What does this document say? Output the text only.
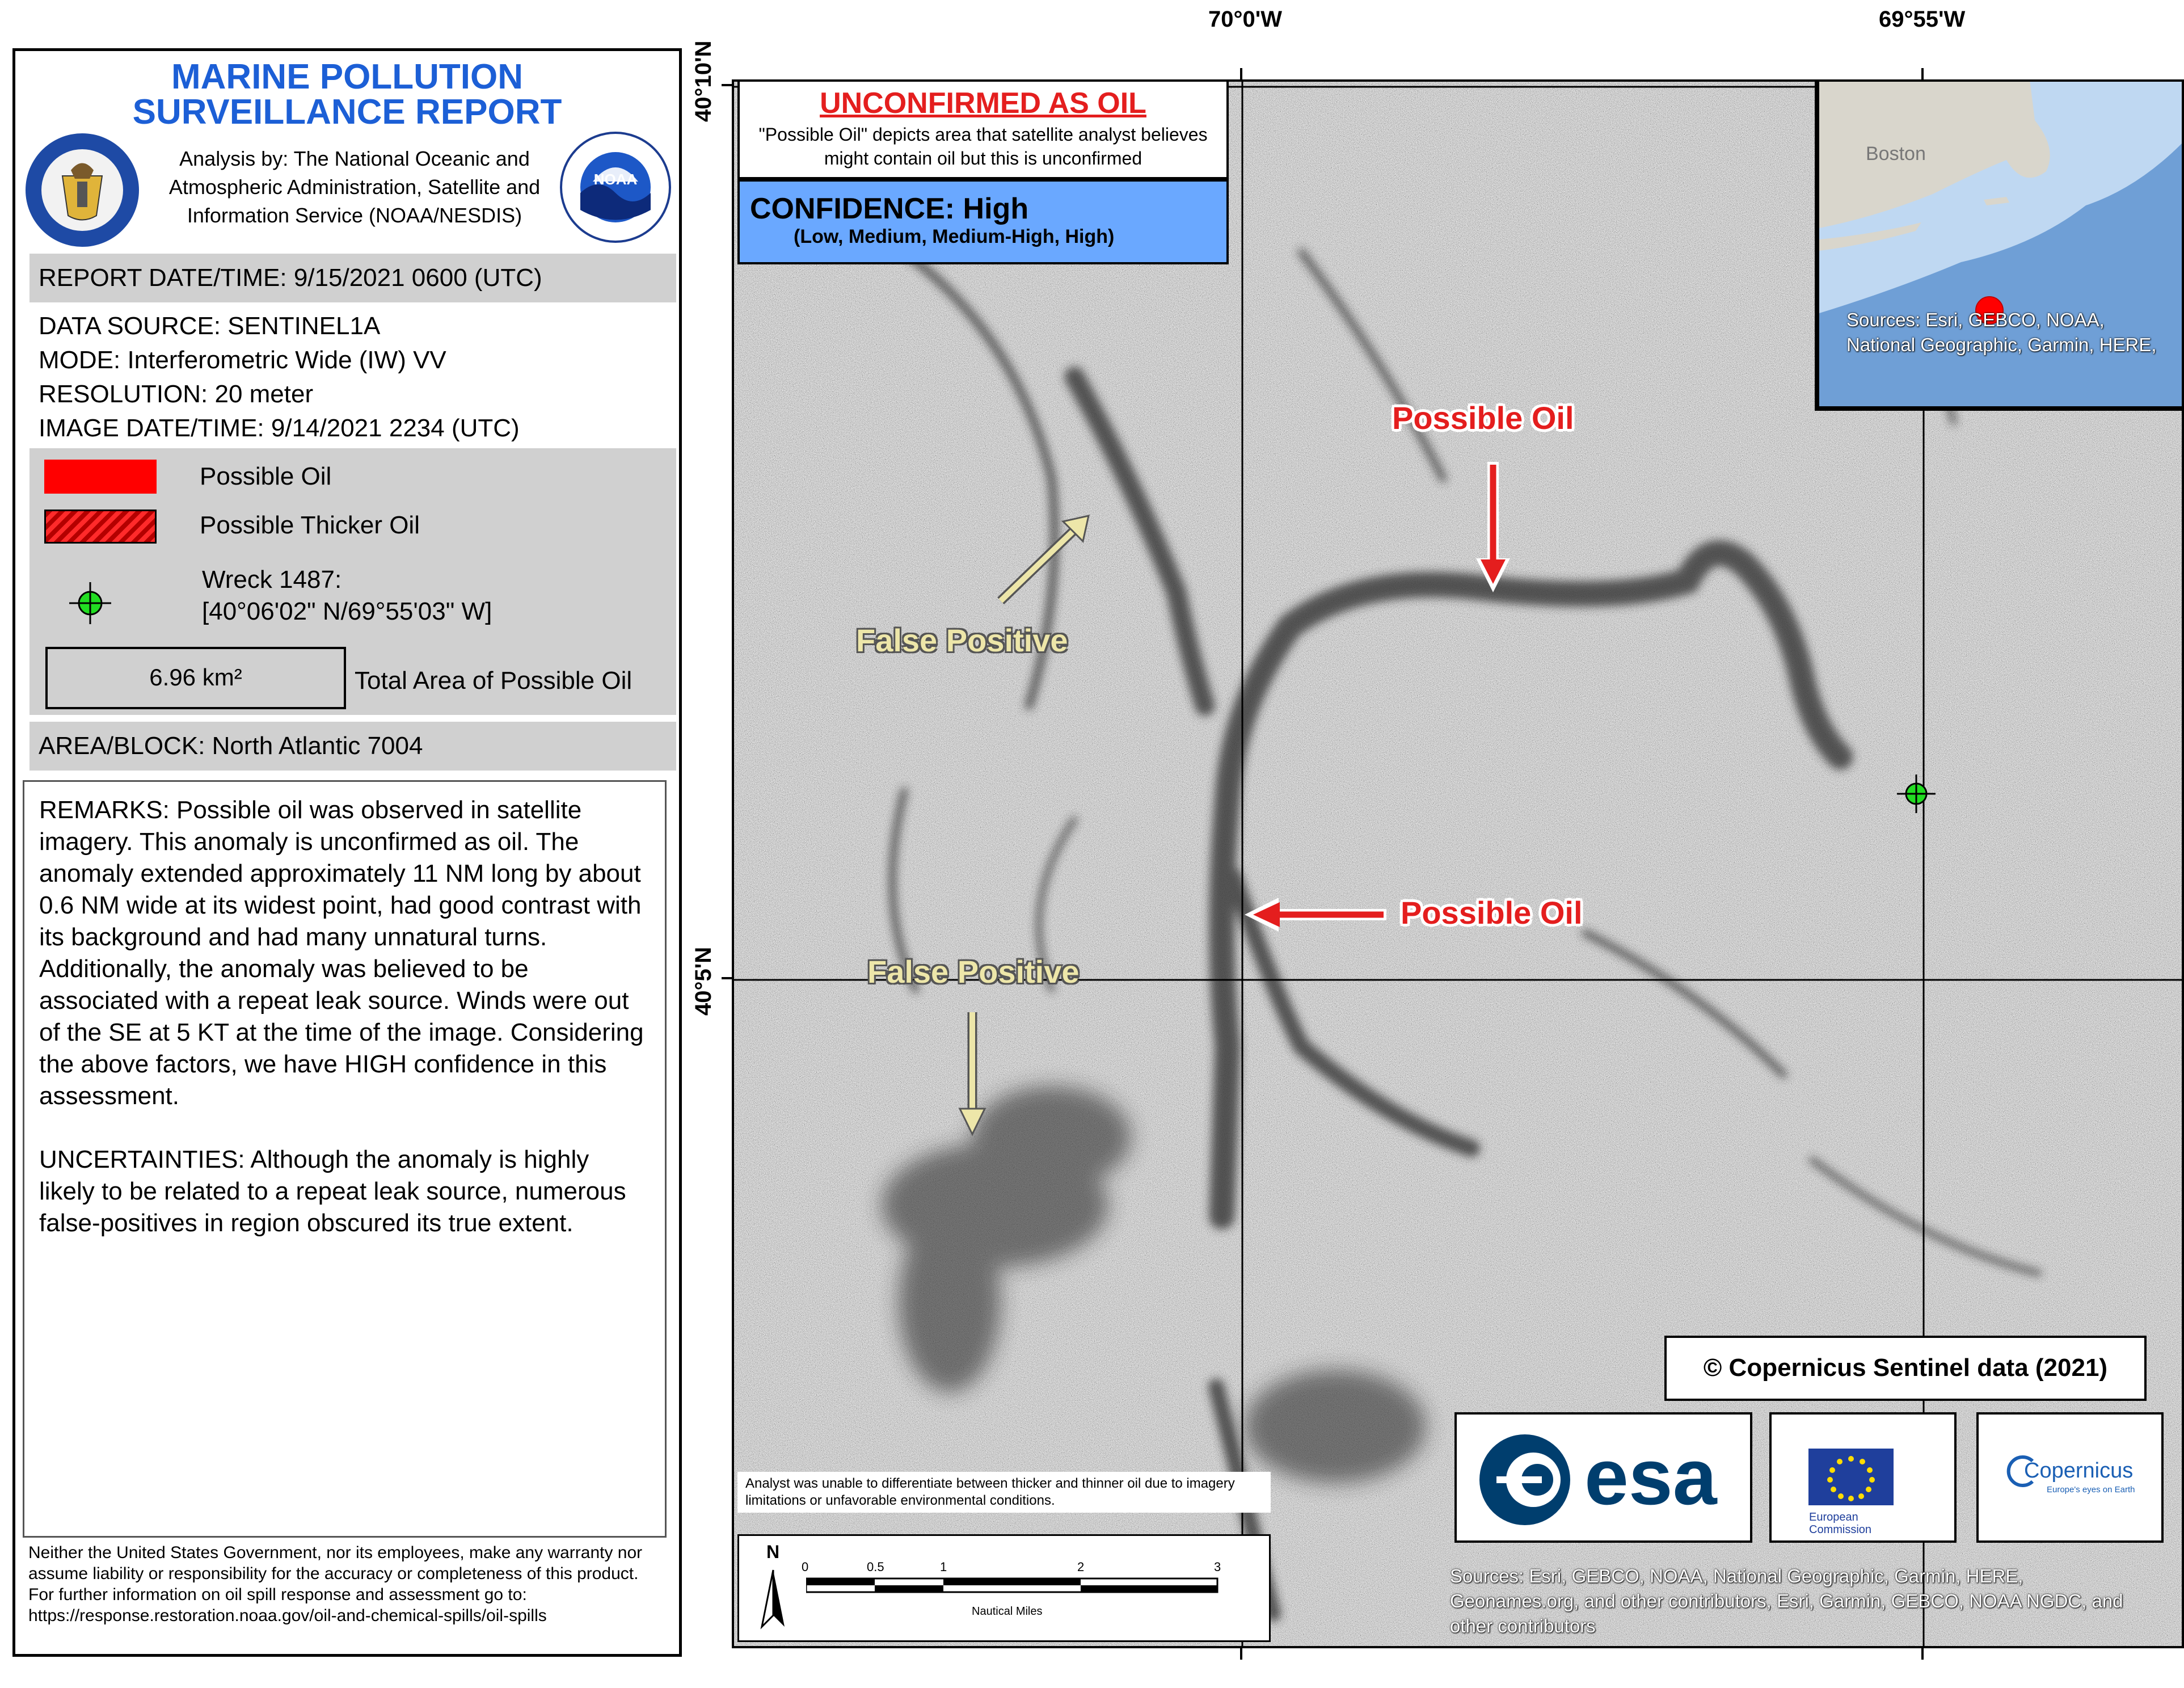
MARINE POLLUTION
SURVEILLANCE REPORT
Analysis by: The National Oceanic and Atmospheric Administration, Satellite and Information Service (NOAA/NESDIS)
NOAA
REPORT DATE/TIME: 9/15/2021 0600 (UTC)
DATA SOURCE: SENTINEL1A
MODE: Interferometric Wide (IW) VV
RESOLUTION: 20 meter
IMAGE DATE/TIME: 9/14/2021 2234 (UTC)
Possible Oil
Possible Thicker Oil
Wreck 1487:
[40°06'02" N/69°55'03" W]
6.96 km²	Total Area of Possible Oil
AREA/BLOCK: North Atlantic 7004

REMARKS: Possible oil was observed in satellite imagery. This anomaly is unconfirmed as oil. The anomaly extended approximately 11 NM long by about 0.6 NM wide at its widest point, had good contrast with its background and had many unnatural turns. Additionally, the anomaly was believed to be associated with a repeat leak source. Winds were out of the SE at 5 KT at the time of the image. Considering the above factors, we have HIGH confidence in this assessment.

UNCERTAINTIES: Although the anomaly is highly likely to be related to a repeat leak source, numerous false-positives in region obscured its true extent.

Neither the United States Government, nor its employees, make any warranty nor assume liability or responsibility for the accuracy or completeness of this product.
For further information on oil spill response and assessment go to:
https://response.restoration.noaa.gov/oil-and-chemical-spills/oil-spills
70°0'W	69°55'W
40°10'N
40°5'N
Possible Oil
Possible Oil
False Positive
False Positive
UNCONFIRMED AS OIL
"Possible Oil" depicts area that satellite analyst believes might contain oil but this is unconfirmed
CONFIDENCE: High
(Low, Medium, Medium-High, High)
Boston
Sources: Esri, GEBCO, NOAA, National Geographic, Garmin, HERE,
© Copernicus Sentinel data (2021)
esa	European
Commission
Copernicus
Europe's eyes on Earth
Analyst was unable to differentiate between thicker and thinner oil due to imagery limitations or unfavorable environmental conditions.
N
0	0.5	1	2	3
Nautical Miles
Sources: Esri, GEBCO, NOAA, National Geographic, Garmin, HERE, Geonames.org, and other contributors, Esri, Garmin, GEBCO, NOAA NGDC, and other contributors
